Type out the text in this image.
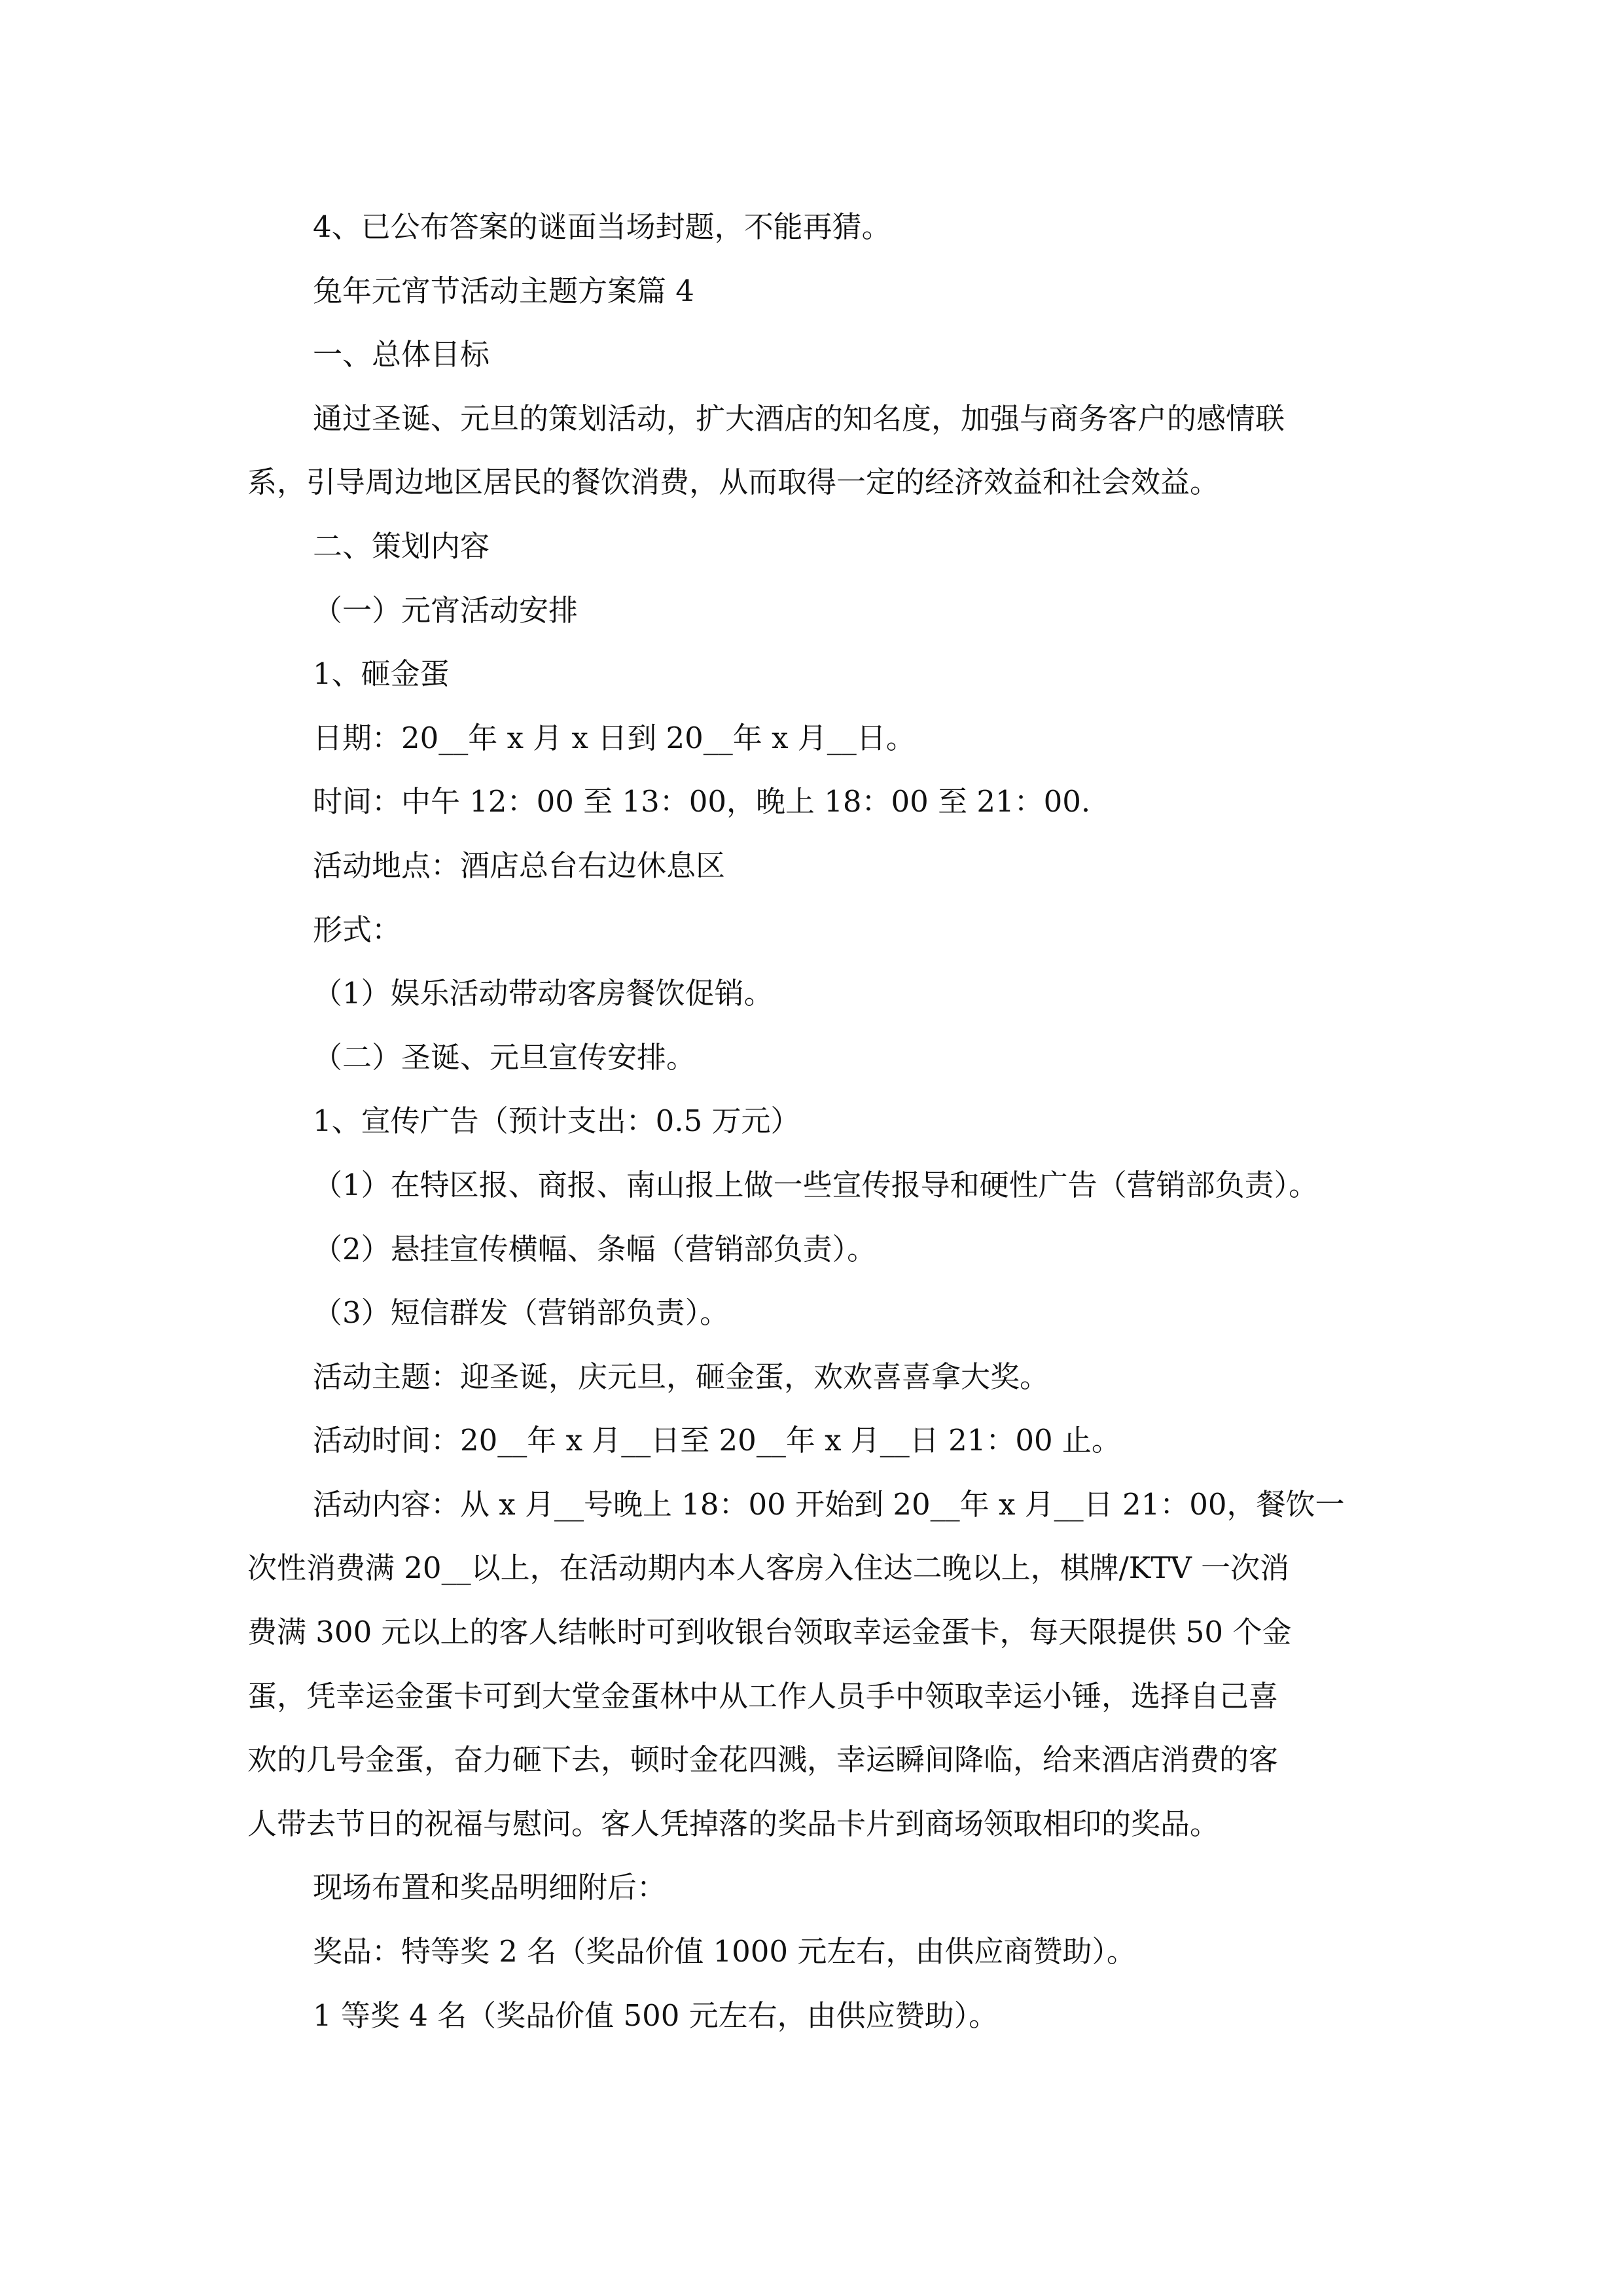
4、已公布答案的谜面当场封题，不能再猜。
兔年元宵节活动主题方案篇 4
一、总体目标
通过圣诞、元旦的策划活动，扩大酒店的知名度，加强与商务客户的感情联
系，引导周边地区居民的餐饮消费，从而取得一定的经济效益和社会效益。
二、策划内容
（一）元宵活动安排
1、砸金蛋
日期：20__年 x 月 x 日到 20__年 x 月__日。
时间：中午 12：00 至 13：00，晚上 18：00 至 21：00.
活动地点：酒店总台右边休息区
形式：
（1）娱乐活动带动客房餐饮促销。
（二）圣诞、元旦宣传安排。
1、宣传广告（预计支出：0.5 万元）
（1）在特区报、商报、南山报上做一些宣传报导和硬性广告（营销部负责）。
（2）悬挂宣传横幅、条幅（营销部负责）。
（3）短信群发（营销部负责）。
活动主题：迎圣诞，庆元旦，砸金蛋，欢欢喜喜拿大奖。
活动时间：20__年 x 月__日至 20__年 x 月__日 21：00 止。
活动内容：从 x 月__号晚上 18：00 开始到 20__年 x 月__日 21：00，餐饮一
次性消费满 20__以上，在活动期内本人客房入住达二晚以上，棋牌/KTV 一次消
费满 300 元以上的客人结帐时可到收银台领取幸运金蛋卡，每天限提供 50 个金
蛋，凭幸运金蛋卡可到大堂金蛋林中从工作人员手中领取幸运小锤，选择自己喜
欢的几号金蛋，奋力砸下去，顿时金花四溅，幸运瞬间降临，给来酒店消费的客
人带去节日的祝福与慰问。客人凭掉落的奖品卡片到商场领取相印的奖品。
现场布置和奖品明细附后：
奖品：特等奖 2 名（奖品价值 1000 元左右，由供应商赞助）。
1 等奖 4 名（奖品价值 500 元左右，由供应赞助）。
